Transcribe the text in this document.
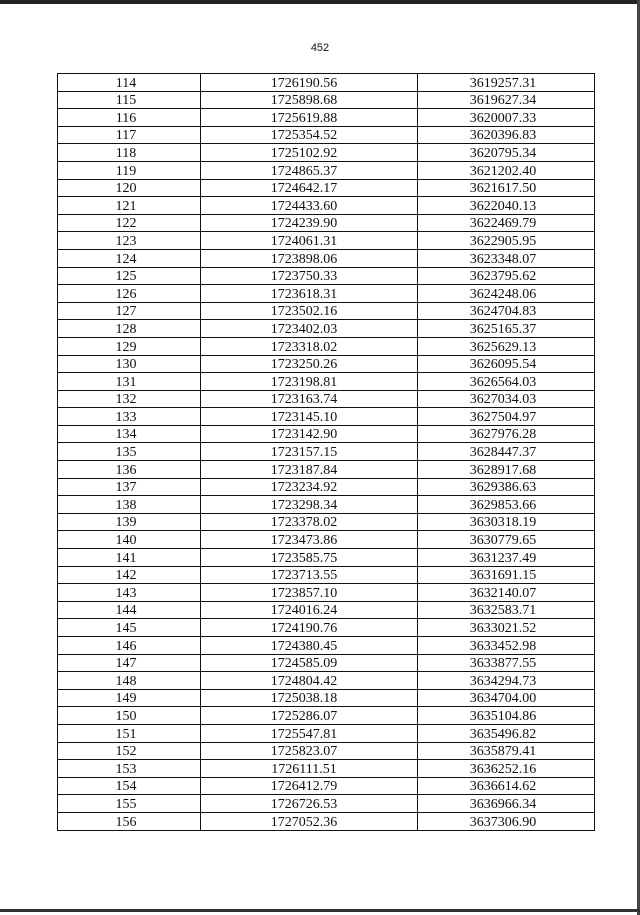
452
114	1726190.56	3619257.31
115	1725898.68	3619627.34
116	1725619.88	3620007.33
117	1725354.52	3620396.83
118	1725102.92	3620795.34
119	1724865.37	3621202.40
120	1724642.17	3621617.50
121	1724433.60	3622040.13
122	1724239.90	3622469.79
123	1724061.31	3622905.95
124	1723898.06	3623348.07
125	1723750.33	3623795.62
126	1723618.31	3624248.06
127	1723502.16	3624704.83
128	1723402.03	3625165.37
129	1723318.02	3625629.13
130	1723250.26	3626095.54
131	1723198.81	3626564.03
132	1723163.74	3627034.03
133	1723145.10	3627504.97
134	1723142.90	3627976.28
135	1723157.15	3628447.37
136	1723187.84	3628917.68
137	1723234.92	3629386.63
138	1723298.34	3629853.66
139	1723378.02	3630318.19
140	1723473.86	3630779.65
141	1723585.75	3631237.49
142	1723713.55	3631691.15
143	1723857.10	3632140.07
144	1724016.24	3632583.71
145	1724190.76	3633021.52
146	1724380.45	3633452.98
147	1724585.09	3633877.55
148	1724804.42	3634294.73
149	1725038.18	3634704.00
150	1725286.07	3635104.86
151	1725547.81	3635496.82
152	1725823.07	3635879.41
153	1726111.51	3636252.16
154	1726412.79	3636614.62
155	1726726.53	3636966.34
156	1727052.36	3637306.90
